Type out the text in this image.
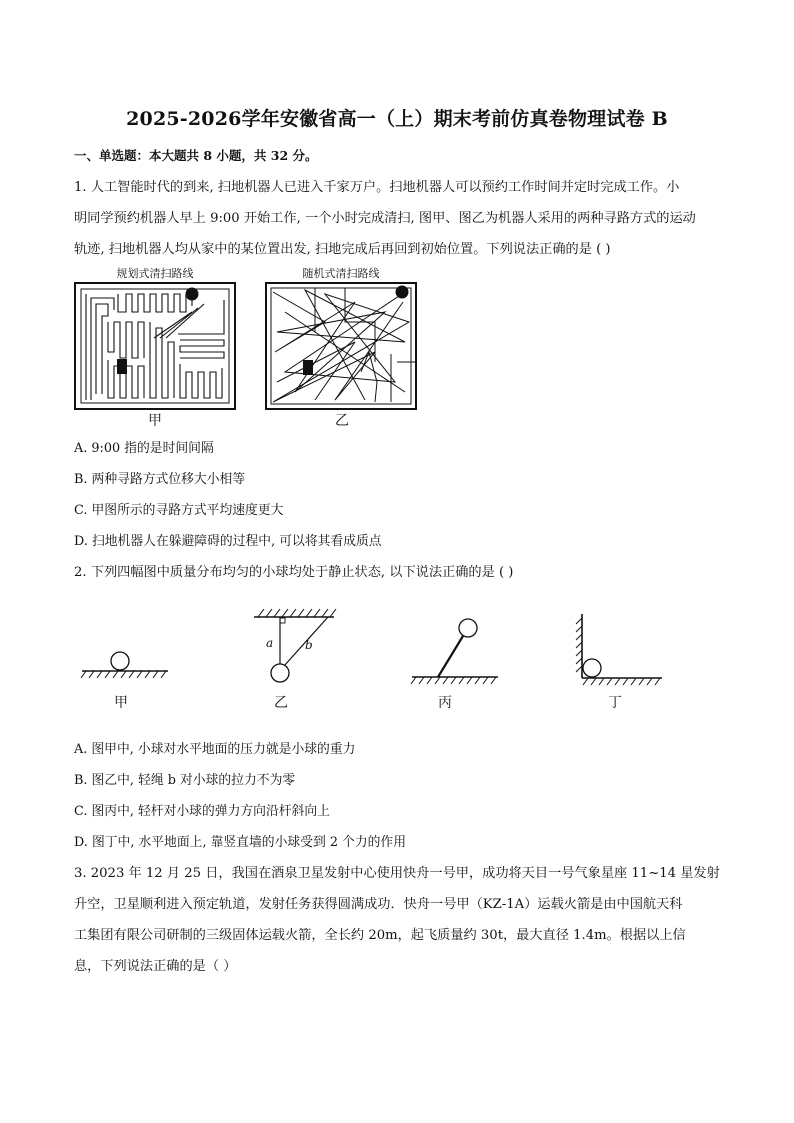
2025-2026学年安徽省高一（上）期末考前仿真卷物理试卷 B
一、单选题：本大题共 8 小题，共 32 分。
1. 人工智能时代的到来, 扫地机器人已进入千家万户。扫地机器人可以预约工作时间并定时完成工作。小
明同学预约机器人早上 9:00 开始工作, 一个小时完成清扫, 图甲、图乙为机器人采用的两种寻路方式的运动
轨迹, 扫地机器人均从家中的某位置出发, 扫地完成后再回到初始位置。下列说法正确的是 ( )
规划式清扫路线	随机式清扫路线
甲	乙
A. 9:00 指的是时间间隔
B. 两种寻路方式位移大小相等
C. 甲图所示的寻路方式平均速度更大
D. 扫地机器人在躲避障碍的过程中, 可以将其看成质点
2. 下列四幅图中质量分布均匀的小球均处于静止状态, 以下说法正确的是 ( )
a	b
甲	乙	丙	丁
A. 图甲中, 小球对水平地面的压力就是小球的重力
B. 图乙中, 轻绳 b 对小球的拉力不为零
C. 图丙中, 轻杆对小球的弹力方向沿杆斜向上
D. 图丁中, 水平地面上, 靠竖直墙的小球受到 2 个力的作用
3. 2023 年 12 月 25 日，我国在酒泉卫星发射中心使用快舟一号甲，成功将天目一号气象星座 11~14 星发射
升空，卫星顺利进入预定轨道，发射任务获得圆满成功．快舟一号甲（KZ-1A）运载火箭是由中国航天科
工集团有限公司研制的三级固体运载火箭，全长约 20m，起飞质量约 30t，最大直径 1.4m。根据以上信
息，下列说法正确的是（ ）
